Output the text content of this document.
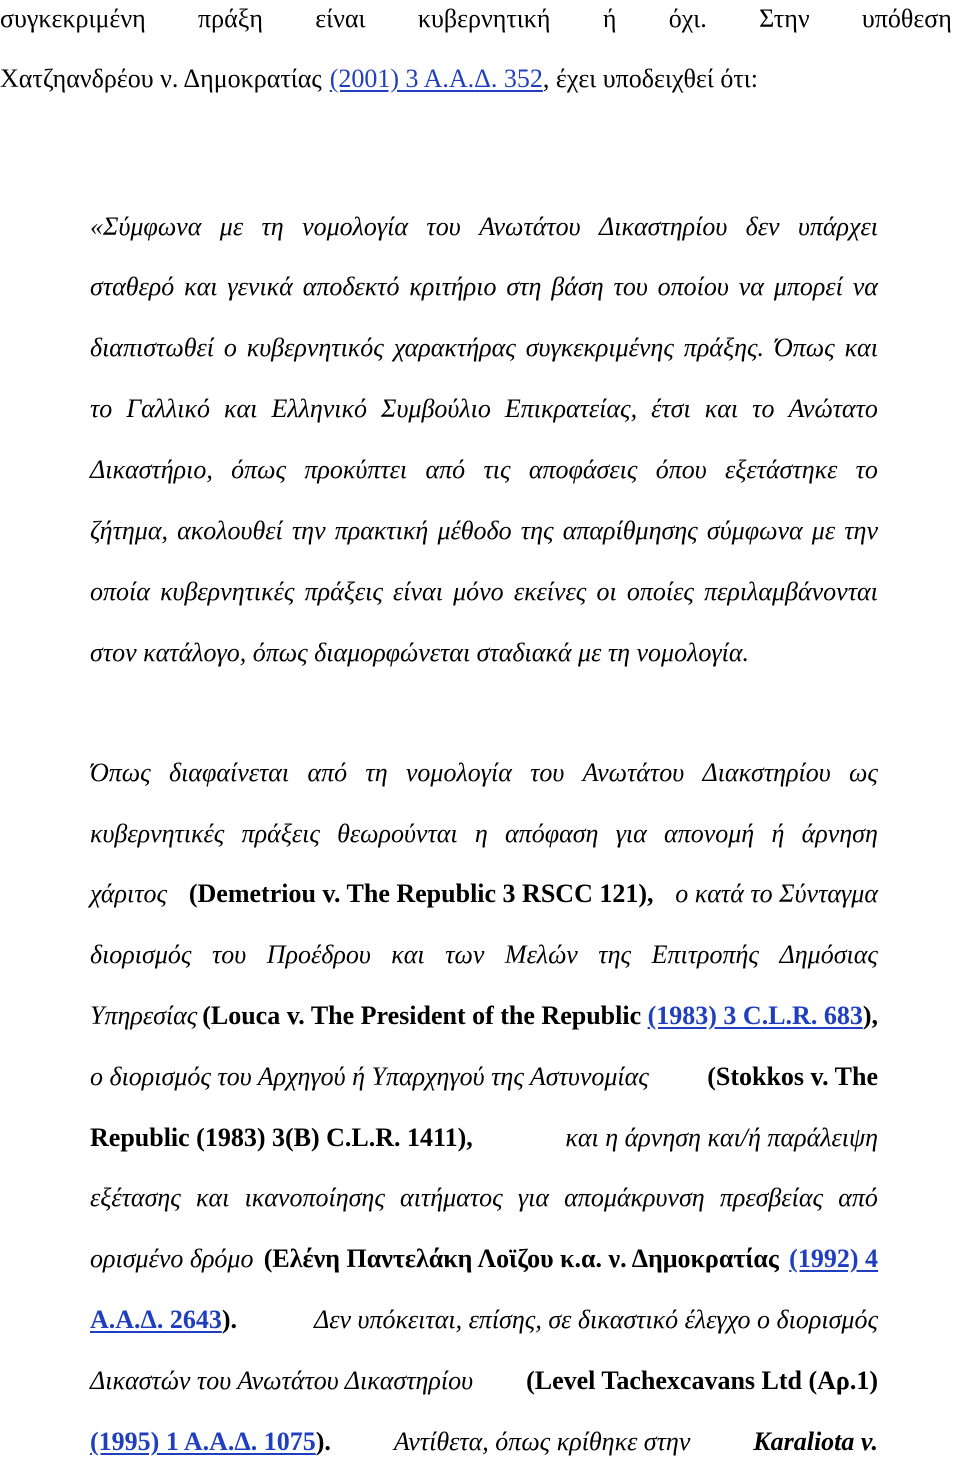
συγκεκριμένη πράξη είναι κυβερνητική ή όχι. Στην υπόθεση
Χατζηανδρέου ν. Δημοκρατίας (2001) 3 Α.Α. Δ. 352 , έχει υποδειχθεί ότι:
«Σύμφωνα με τη νομολογία του Ανωτάτου Δικαστηρίου δεν υπάρχει
σταθερό και γενικά αποδεκτό κριτήριο στη βάση του οποίου να μπορεί να
διαπιστωθεί ο κυβερνητικός χαρακτήρας συγκεκριμένης πράξης. Όπως και
το Γαλλικό και Ελληνικό Συμβούλιο Επικρατείας, έτσι και το Ανώτατο
Δικαστήριο, όπως προκύπτει από τις αποφάσεις όπου εξετάστηκε το
ζήτημα, ακολουθεί την πρακτική μέθοδο της απαρίθμησης σύμφωνα με την
οποία κυβερνητικές πράξεις είναι μόνο εκείνες οι οποίες περιλαμβάνονται
στον κατάλογο, όπως διαμορφώνεται σταδιακά με τη νομολογία.
Όπως διαφαίνεται από τη νομολογία του Ανωτάτου Διακστηρίου ως
κυβερνητικές πράξεις θεωρούνται η απόφαση για απονομή ή άρνηση
χάριτος (Demetriou v. The Republic 3 RSCC 121), ο κατά το Σύνταγμα
διορισμός του Προέδρου και των Μελών της Επιτροπής Δημόσιας
Υπηρεσίας (Louca v. The President of the Republic (1983) 3 C.L.R. 683),
ο διορισμός του Αρχηγού ή Υπαρχηγού της Αστυνομίας (Stokkos v. The
Republic (1983) 3(B) C.L.R. 1411),	και η άρνηση και/ή παράλειψη
εξέτασης και ικανοποίησης αιτήματος για απομάκρυνση πρεσβείας από
ορισμένο δρόμο (Ελένη Παντελάκη Λοϊζου κ.α. ν. Δημοκρατίας (1992) 4
Α.Α.Δ. 2643).	Δεν υπόκειται, επίσης, σε δικαστικό έλεγχο ο διορισμός
Δικαστών του Ανωτάτου Δικαστηρίου (Level Tachexcavans Ltd (Αρ.1)
(1995) 1 Α.Α.Δ. 1075). Αντίθετα, όπως κρίθηκε στην Karaliota v.
